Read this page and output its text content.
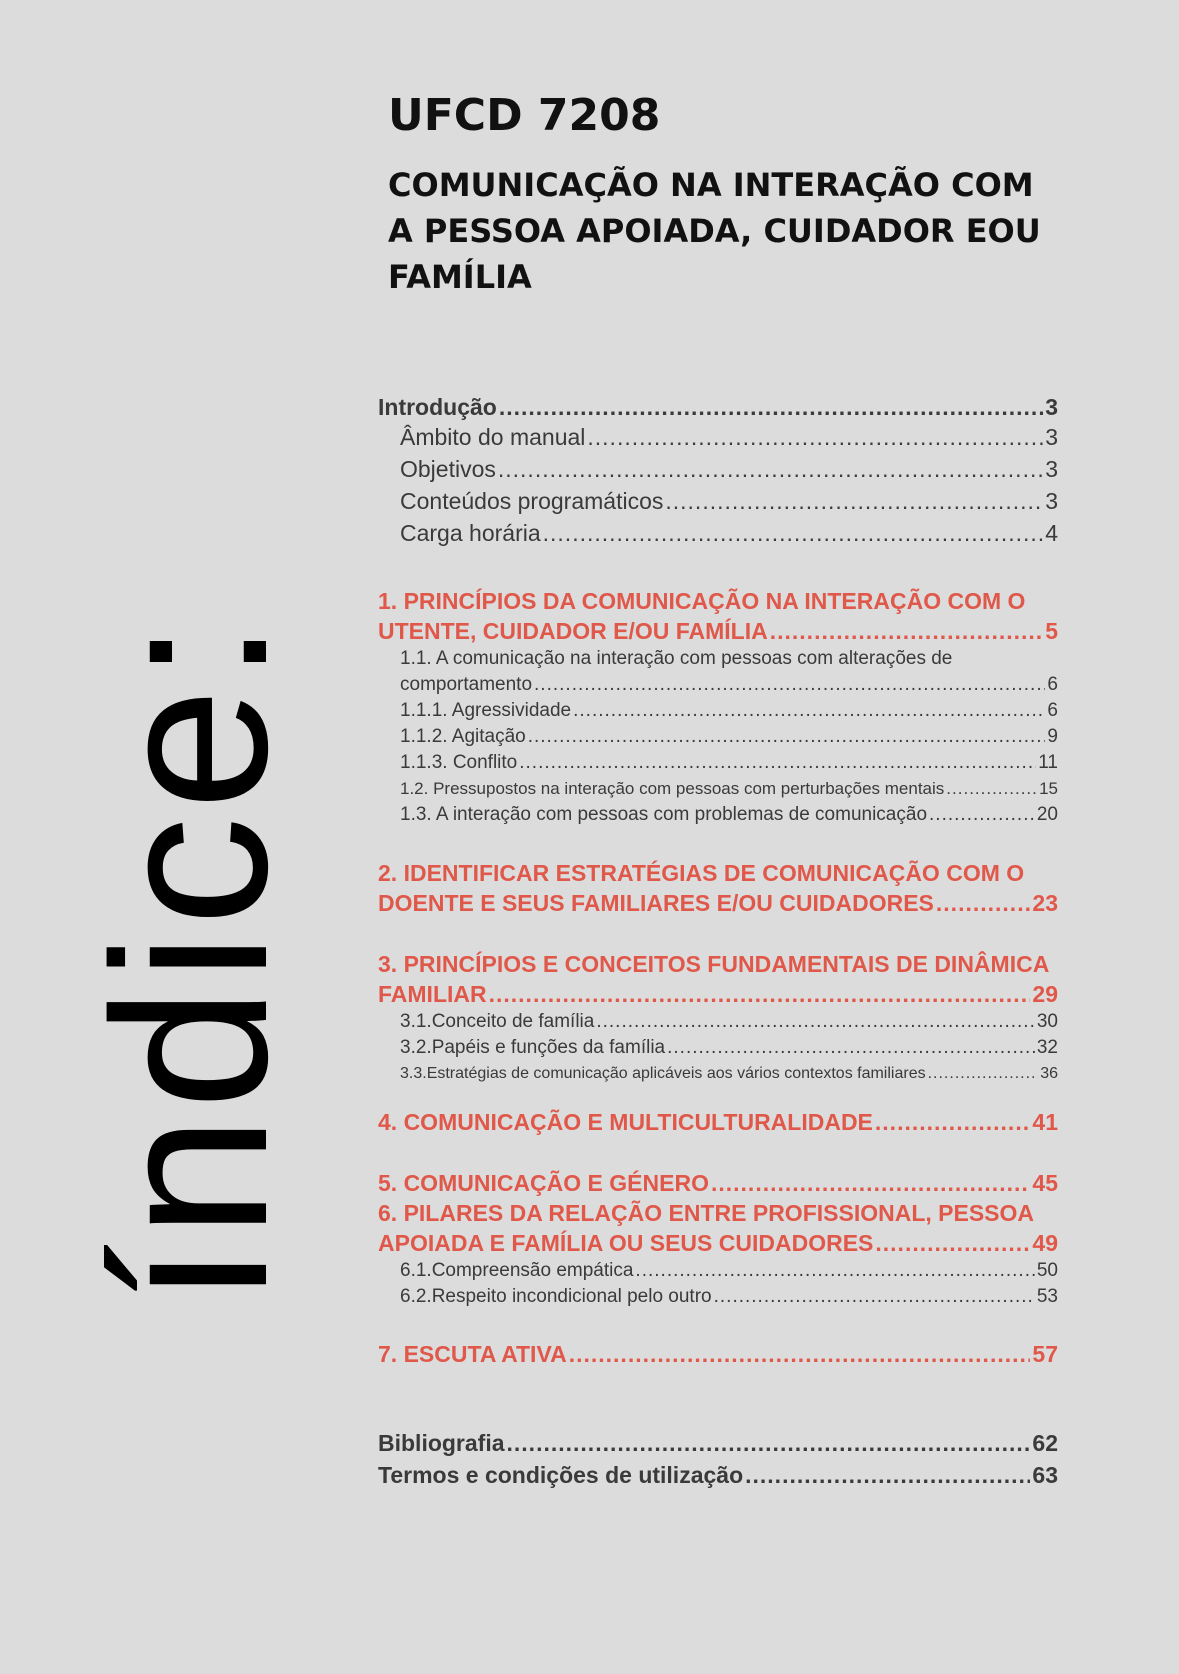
índice:
UFCD 7208
COMUNICAÇÃO NA INTERAÇÃO COM A PESSOA APOIADA, CUIDADOR EOU FAMÍLIA
Introdução .....	3
Âmbito do manual .....	3
Objetivos .....	3
Conteúdos programáticos .....	3
Carga horária .....	4
1. PRINCÍPIOS DA COMUNICAÇÃO NA INTERAÇÃO COM O
UTENTE, CUIDADOR E/OU FAMÍLIA .....	5
1.1. A comunicação na interação com pessoas com alterações de
comportamento .....	6
1.1.1. Agressividade .....	6
1.1.2. Agitação .....	9
1.1.3. Conflito .....	11
1.2. Pressupostos na interação com pessoas com perturbações mentais .....	15
1.3. A interação com pessoas com problemas de comunicação .....	20
2. IDENTIFICAR ESTRATÉGIAS DE COMUNICAÇÃO COM O
DOENTE E SEUS FAMILIARES E/OU CUIDADORES .....	23
3. PRINCÍPIOS E CONCEITOS FUNDAMENTAIS DE DINÂMICA
FAMILIAR .....	29
3.1.Conceito de família .....	30
3.2.Papéis e funções da família .....	32
3.3.Estratégias de comunicação aplicáveis aos vários contextos familiares .....	36
4. COMUNICAÇÃO E MULTICULTURALIDADE .....	41
5. COMUNICAÇÃO E GÉNERO .....	45
6. PILARES DA RELAÇÃO ENTRE PROFISSIONAL, PESSOA
APOIADA E FAMÍLIA OU SEUS CUIDADORES .....	49
6.1.Compreensão empática .....	50
6.2.Respeito incondicional pelo outro .....	53
7. ESCUTA ATIVA .....	57
Bibliografia .....	62
Termos e condições de utilização .....	63
